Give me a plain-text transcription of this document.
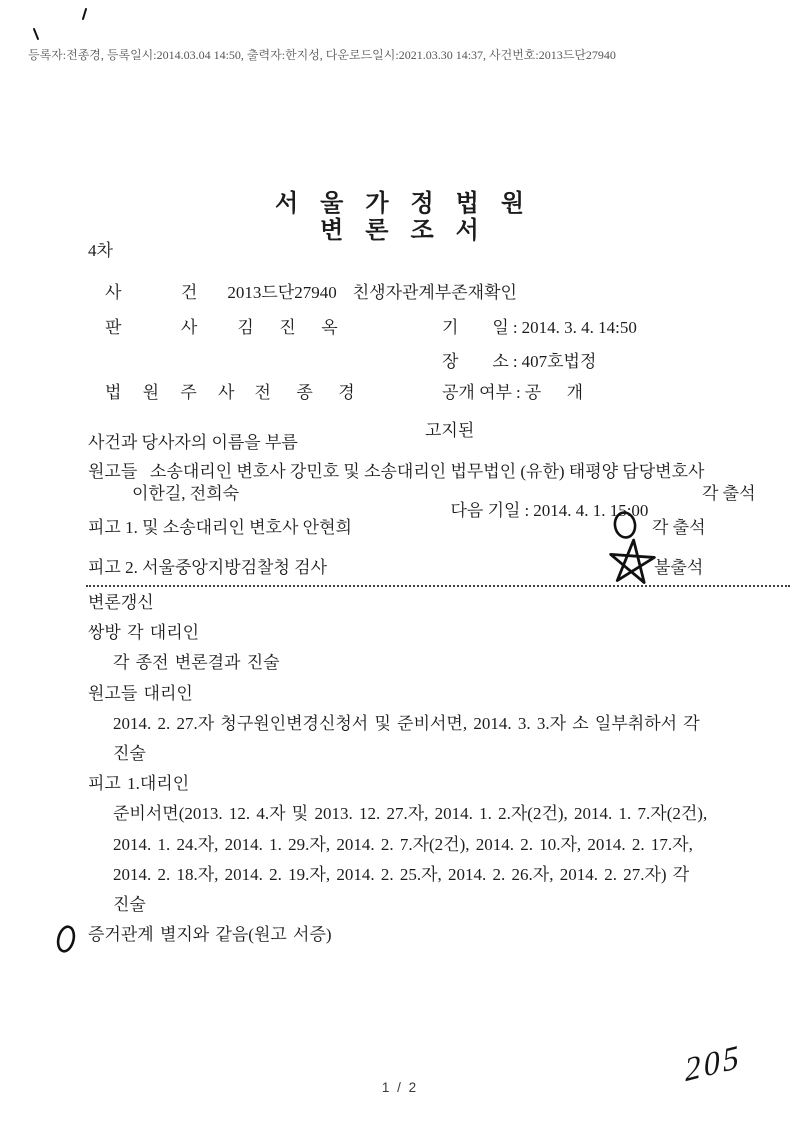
등록자:전종경, 등록일시:2014.03.04 14:50, 출력자:한지성, 다운로드일시:2021.03.30 14:37, 사건번호:2013드단27940
서   울   가   정   법   원
변   론   조   서
4차

사              건 2013드단27940 친생자관계부존재확인

판              사 김      진      옥

법     원     주     사 전      종      경

기        일 : 2014. 3. 4. 14:50

장        소 : 407호법정

공개 여부 : 공      개

고지된

다음 기일 : 2014. 4. 1. 15:00

사건과 당사자의 이름을 부름
원고들   소송대리인 변호사 강민호 및 소송대리인 법무법인 (유한) 태평양 담당변호사
이한길, 전희숙	각 출석
피고 1. 및 소송대리인 변호사 안현희	각 출석
피고 2. 서울중앙지방검찰청 검사	불출석
변론갱신
쌍방 각 대리인
각 종전 변론결과 진술
원고들 대리인
2014. 2. 27.자 청구원인변경신청서 및 준비서면, 2014. 3. 3.자 소 일부취하서 각
진술
피고 1.대리인
준비서면(2013. 12. 4.자 및 2013. 12. 27.자, 2014. 1. 2.자(2건), 2014. 1. 7.자(2건),
2014. 1. 24.자, 2014. 1. 29.자, 2014. 2. 7.자(2건), 2014. 2. 10.자, 2014. 2. 17.자,
2014. 2. 18.자, 2014. 2. 19.자, 2014. 2. 25.자, 2014. 2. 26.자, 2014. 2. 27.자) 각
진술
증거관계 별지와 같음(원고 서증)
205
1 / 2
